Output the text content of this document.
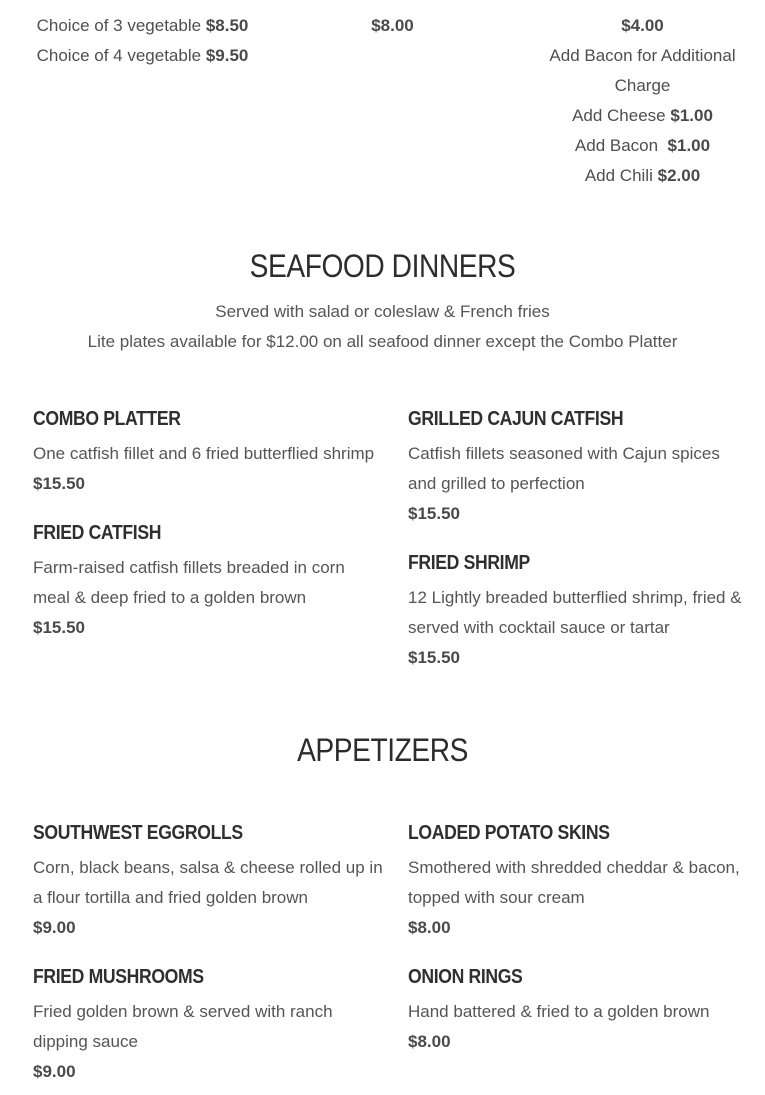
Choice of 3 vegetable $8.50
Choice of 4 vegetable $9.50
$8.00	$4.00
Add Bacon for Additional
Charge
Add Cheese $1.00
Add Bacon $1.00
Add Chili $2.00
SEAFOOD DINNERS
Served with salad or coleslaw & French fries
Lite plates available for $12.00 on all seafood dinner except the Combo Platter
COMBO PLATTER
One catfish fillet and 6 fried butterflied shrimp
$15.50
GRILLED CAJUN CATFISH
Catfish fillets seasoned with Cajun spices and grilled to perfection
$15.50
FRIED CATFISH
Farm-raised catfish fillets breaded in corn meal & deep fried to a golden brown
$15.50
FRIED SHRIMP
12 Lightly breaded butterflied shrimp, fried & served with cocktail sauce or tartar
$15.50
APPETIZERS
SOUTHWEST EGGROLLS
Corn, black beans, salsa & cheese rolled up in a flour tortilla and fried golden brown
$9.00
LOADED POTATO SKINS
Smothered with shredded cheddar & bacon, topped with sour cream
$8.00
FRIED MUSHROOMS
Fried golden brown & served with ranch dipping sauce
$9.00
ONION RINGS
Hand battered & fried to a golden brown
$8.00
